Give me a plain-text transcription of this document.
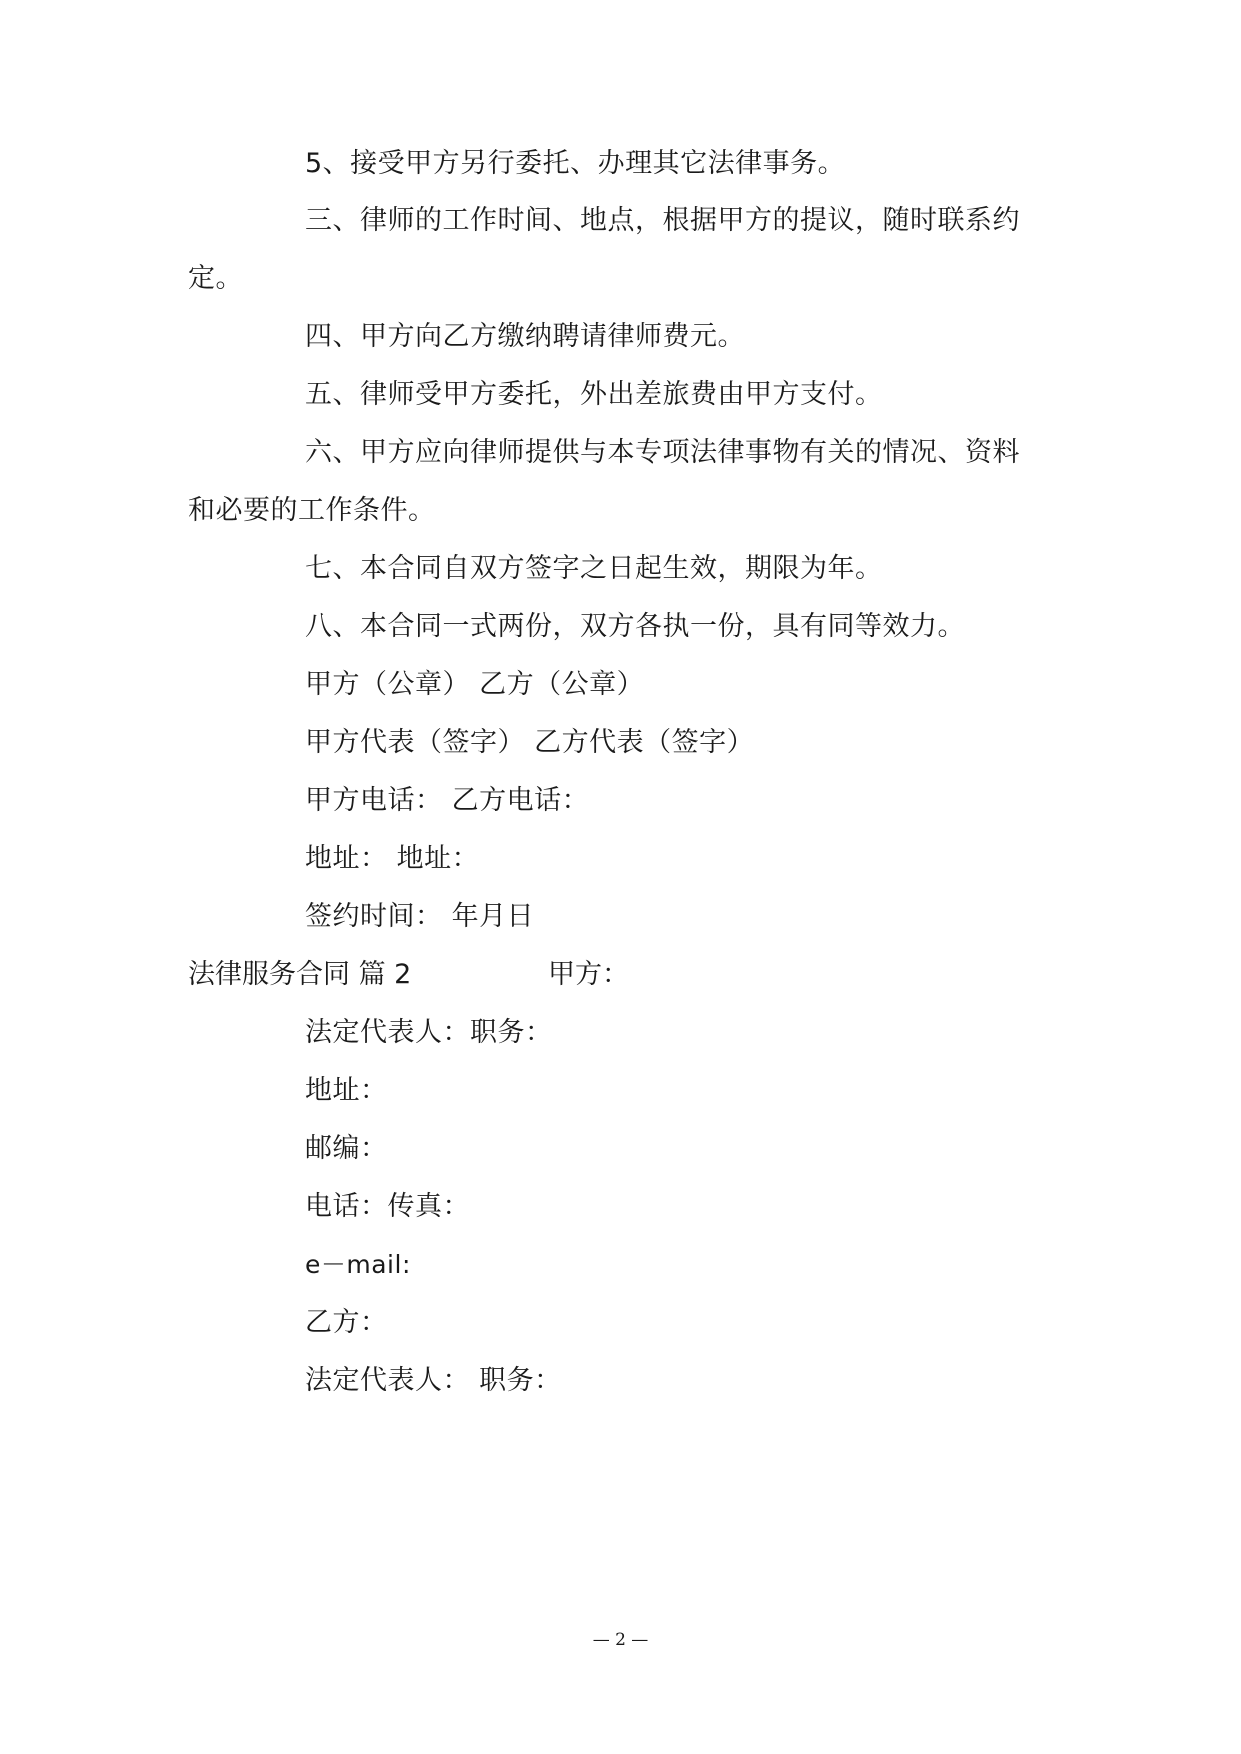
5、接受甲方另行委托、办理其它法律事务。
三、律师的工作时间、地点，根据甲方的提议，随时联系约
定。
四、甲方向乙方缴纳聘请律师费元。
五、律师受甲方委托，外出差旅费由甲方支付。
六、甲方应向律师提供与本专项法律事物有关的情况、资料
和必要的工作条件。
七、本合同自双方签字之日起生效，期限为年。
八、本合同一式两份，双方各执一份，具有同等效力。
甲方（公章） 乙方（公章）
甲方代表（签字） 乙方代表（签字）
甲方电话： 乙方电话：
地址： 地址：
签约时间： 年月日
法律服务合同 篇 2	甲方：
法定代表人：职务：
地址：
邮编：
电话：传真：
e－mail:
乙方：
法定代表人： 职务：
— 2 —
